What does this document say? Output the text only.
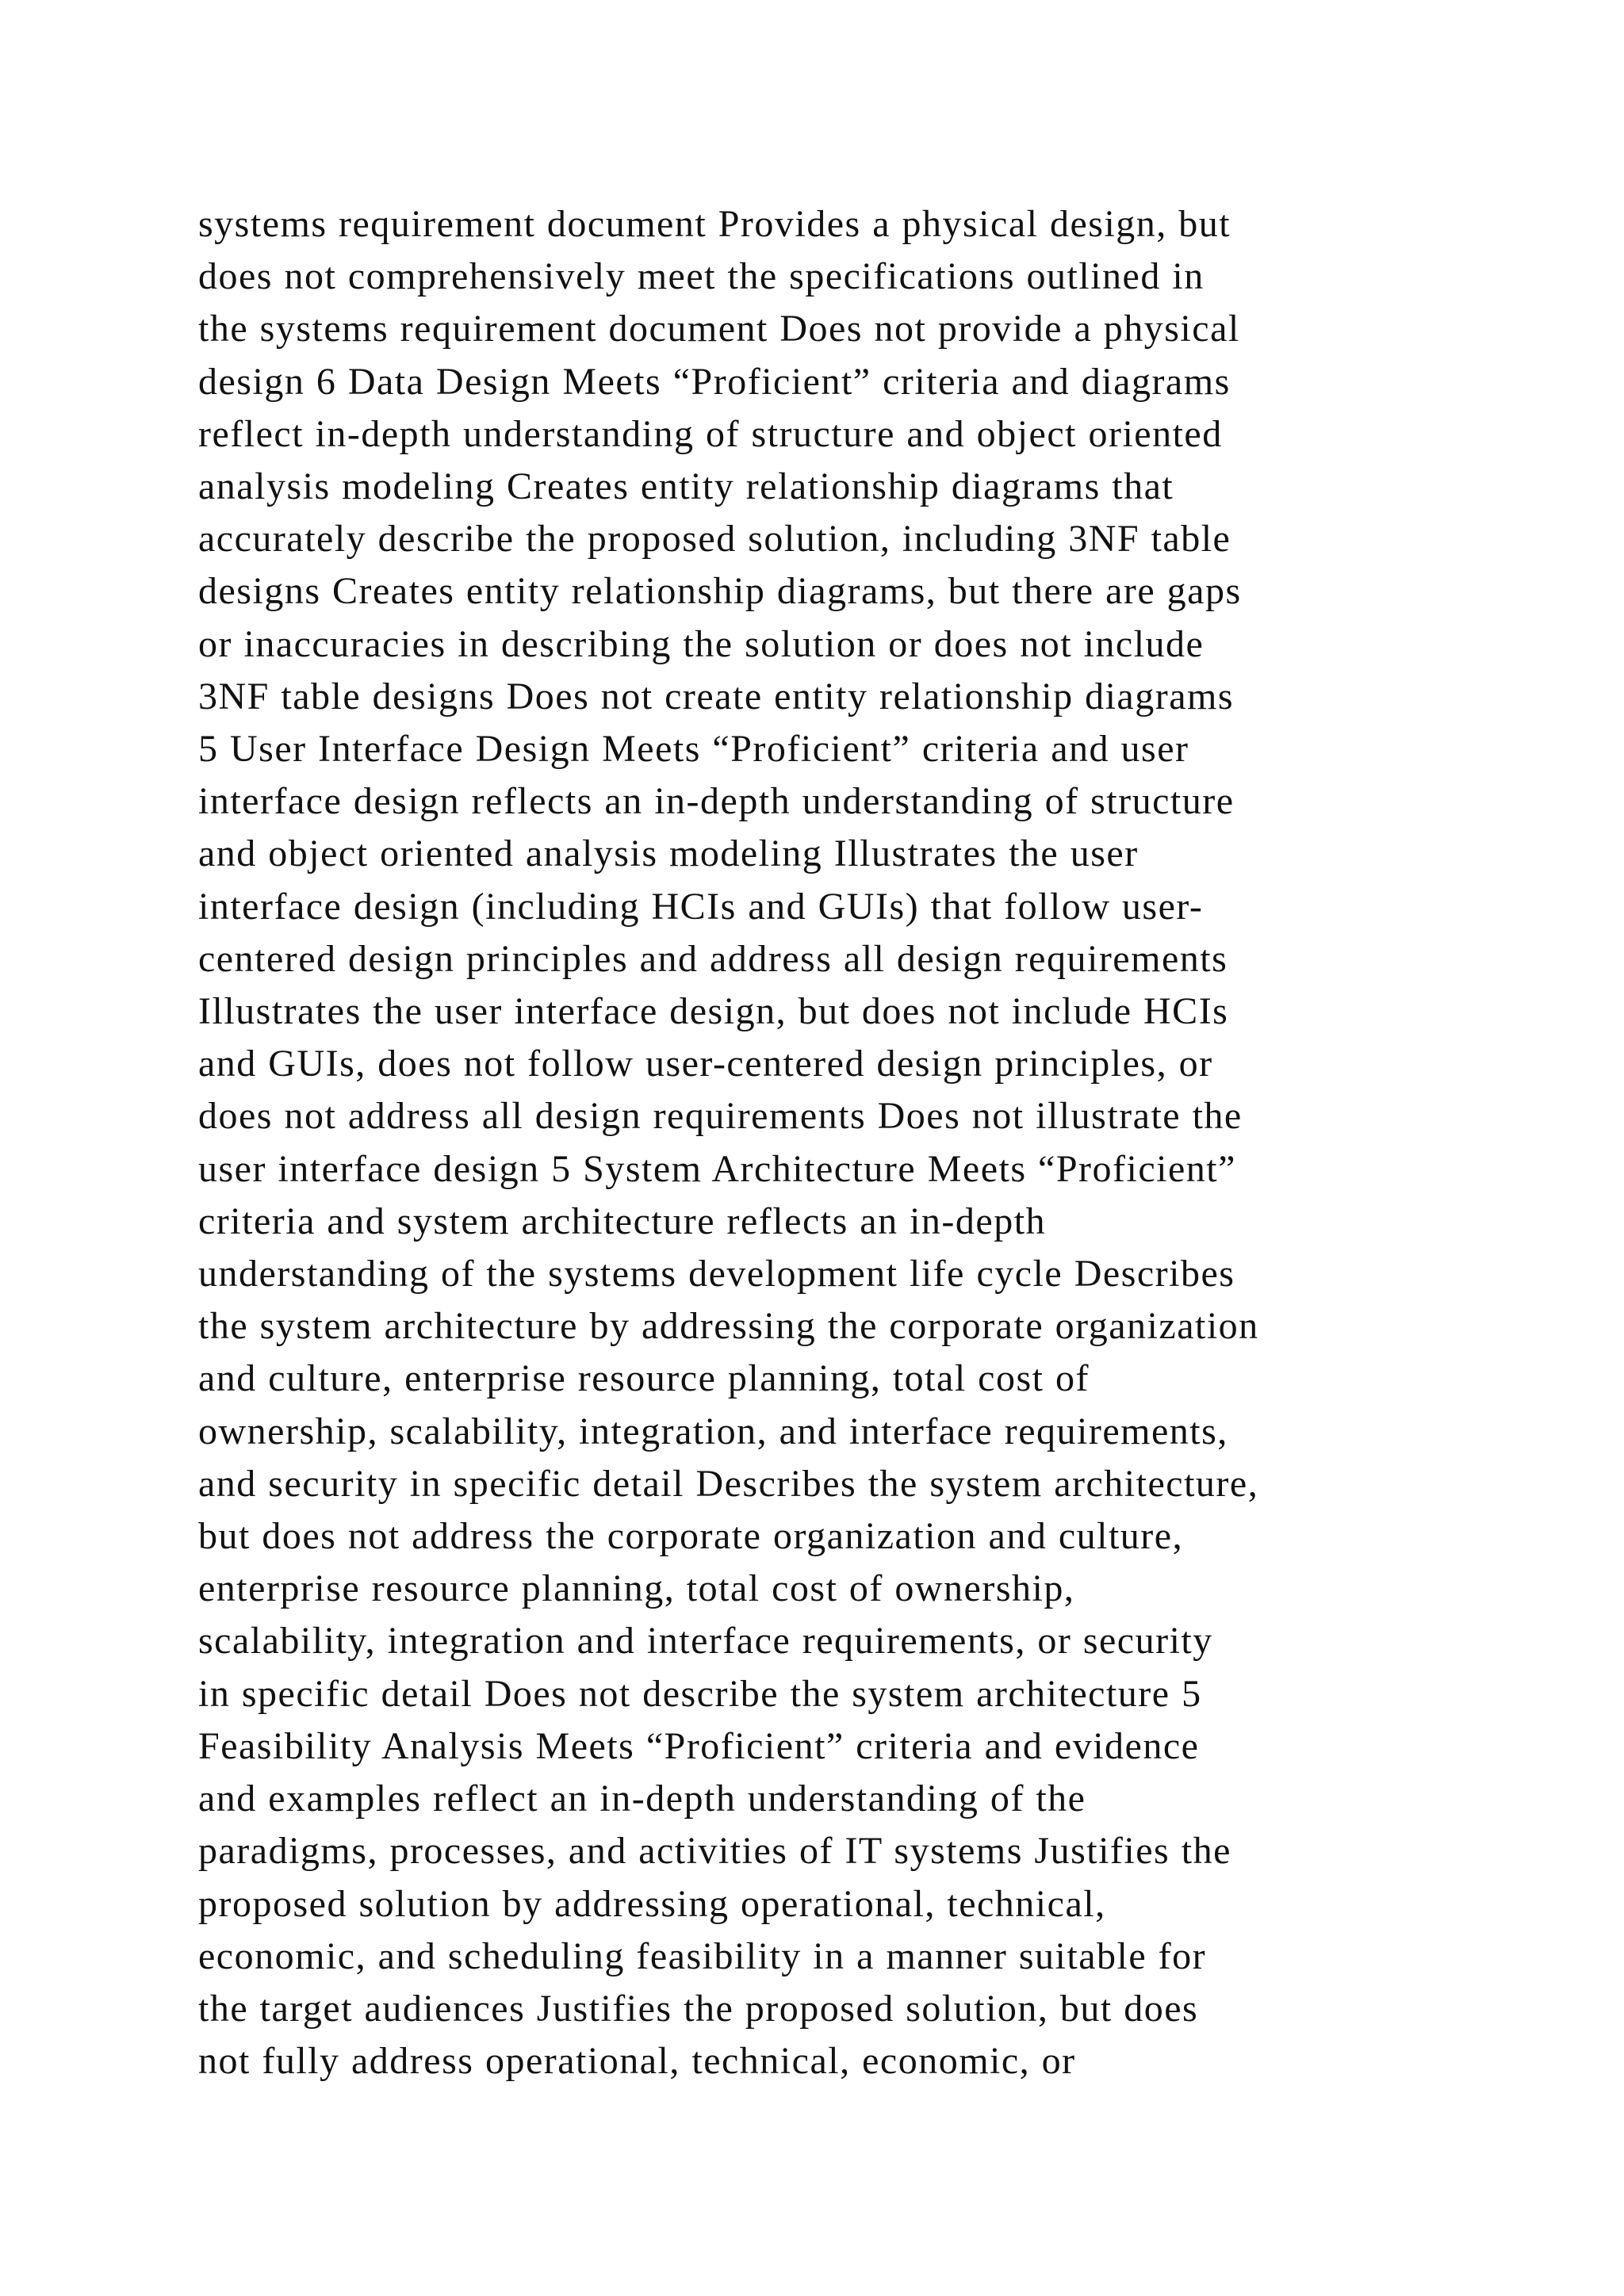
systems requirement document Provides a physical design, but
does not comprehensively meet the specifications outlined in
the systems requirement document Does not provide a physical
design 6 Data Design Meets “Proficient” criteria and diagrams
reflect in-depth understanding of structure and object oriented
analysis modeling Creates entity relationship diagrams that
accurately describe the proposed solution, including 3NF table
designs Creates entity relationship diagrams, but there are gaps
or inaccuracies in describing the solution or does not include
3NF table designs Does not create entity relationship diagrams
5 User Interface Design Meets “Proficient” criteria and user
interface design reflects an in-depth understanding of structure
and object oriented analysis modeling Illustrates the user
interface design (including HCIs and GUIs) that follow user-
centered design principles and address all design requirements
Illustrates the user interface design, but does not include HCIs
and GUIs, does not follow user-centered design principles, or
does not address all design requirements Does not illustrate the
user interface design 5 System Architecture Meets “Proficient”
criteria and system architecture reflects an in-depth
understanding of the systems development life cycle Describes
the system architecture by addressing the corporate organization
and culture, enterprise resource planning, total cost of
ownership, scalability, integration, and interface requirements,
and security in specific detail Describes the system architecture,
but does not address the corporate organization and culture,
enterprise resource planning, total cost of ownership,
scalability, integration and interface requirements, or security
in specific detail Does not describe the system architecture 5
Feasibility Analysis Meets “Proficient” criteria and evidence
and examples reflect an in-depth understanding of the
paradigms, processes, and activities of IT systems Justifies the
proposed solution by addressing operational, technical,
economic, and scheduling feasibility in a manner suitable for
the target audiences Justifies the proposed solution, but does
not fully address operational, technical, economic, or
